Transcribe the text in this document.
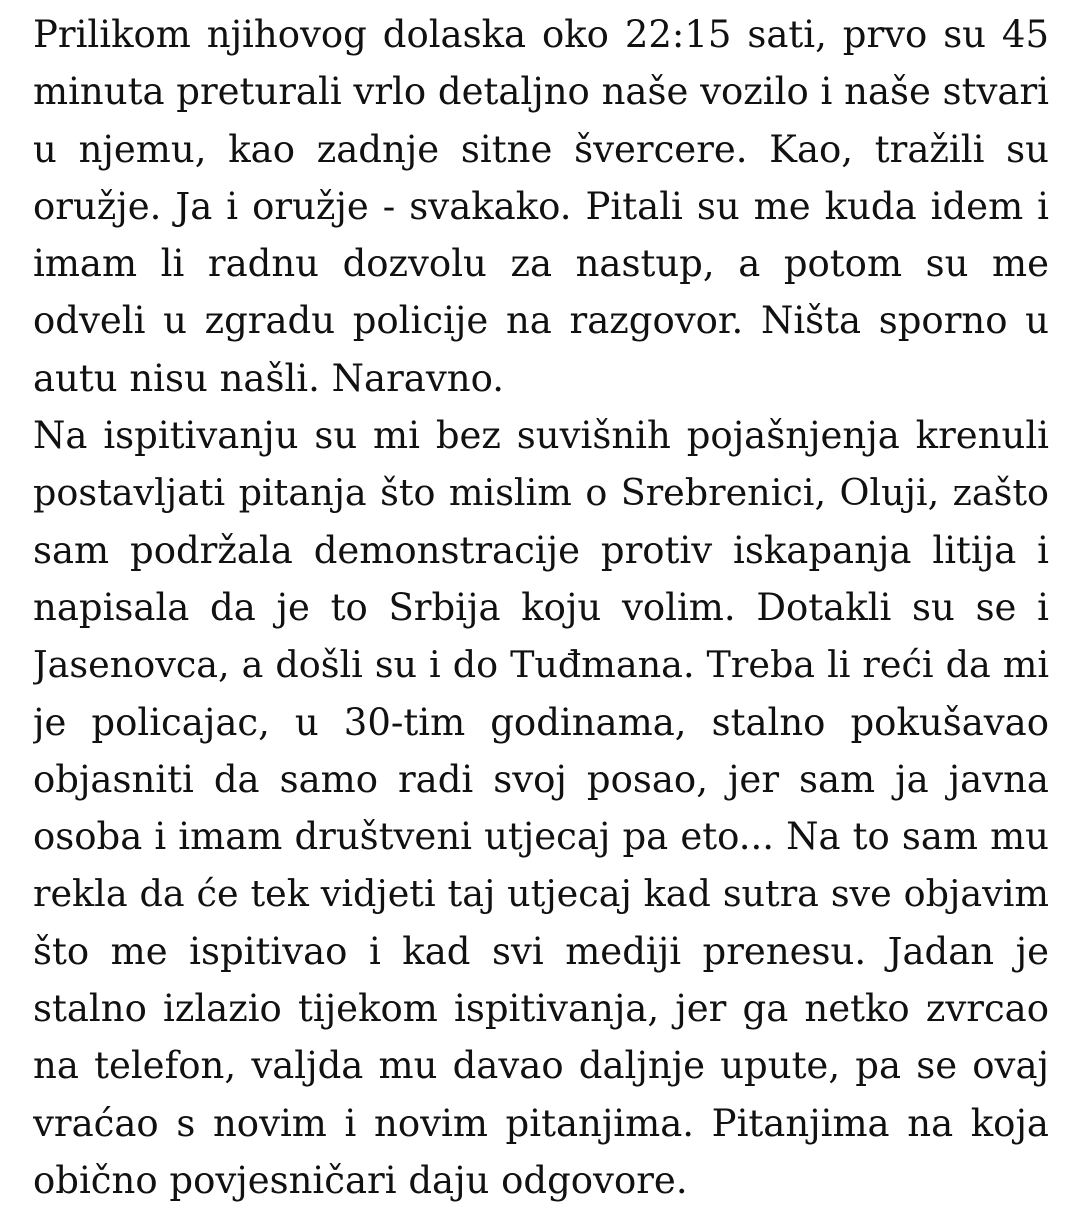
Prilikom njihovog dolaska oko 22:15 sati, prvo su 45
minuta preturali vrlo detaljno naše vozilo i naše stvari
u njemu, kao zadnje sitne švercere. Kao, tražili su
oružje. Ja i oružje - svakako. Pitali su me kuda idem i
imam li radnu dozvolu za nastup, a potom su me
odveli u zgradu policije na razgovor. Ništa sporno u
autu nisu našli. Naravno.
Na ispitivanju su mi bez suvišnih pojašnjenja krenuli
postavljati pitanja što mislim o Srebrenici, Oluji, zašto
sam podržala demonstracije protiv iskapanja litija i
napisala da je to Srbija koju volim. Dotakli su se i
Jasenovca, a došli su i do Tuđmana. Treba li reći da mi
je policajac, u 30-tim godinama, stalno pokušavao
objasniti da samo radi svoj posao, jer sam ja javna
osoba i imam društveni utjecaj pa eto... Na to sam mu
rekla da će tek vidjeti taj utjecaj kad sutra sve objavim
što me ispitivao i kad svi mediji prenesu. Jadan je
stalno izlazio tijekom ispitivanja, jer ga netko zvrcao
na telefon, valjda mu davao daljnje upute, pa se ovaj
vraćao s novim i novim pitanjima. Pitanjima na koja
obično povjesničari daju odgovore.
